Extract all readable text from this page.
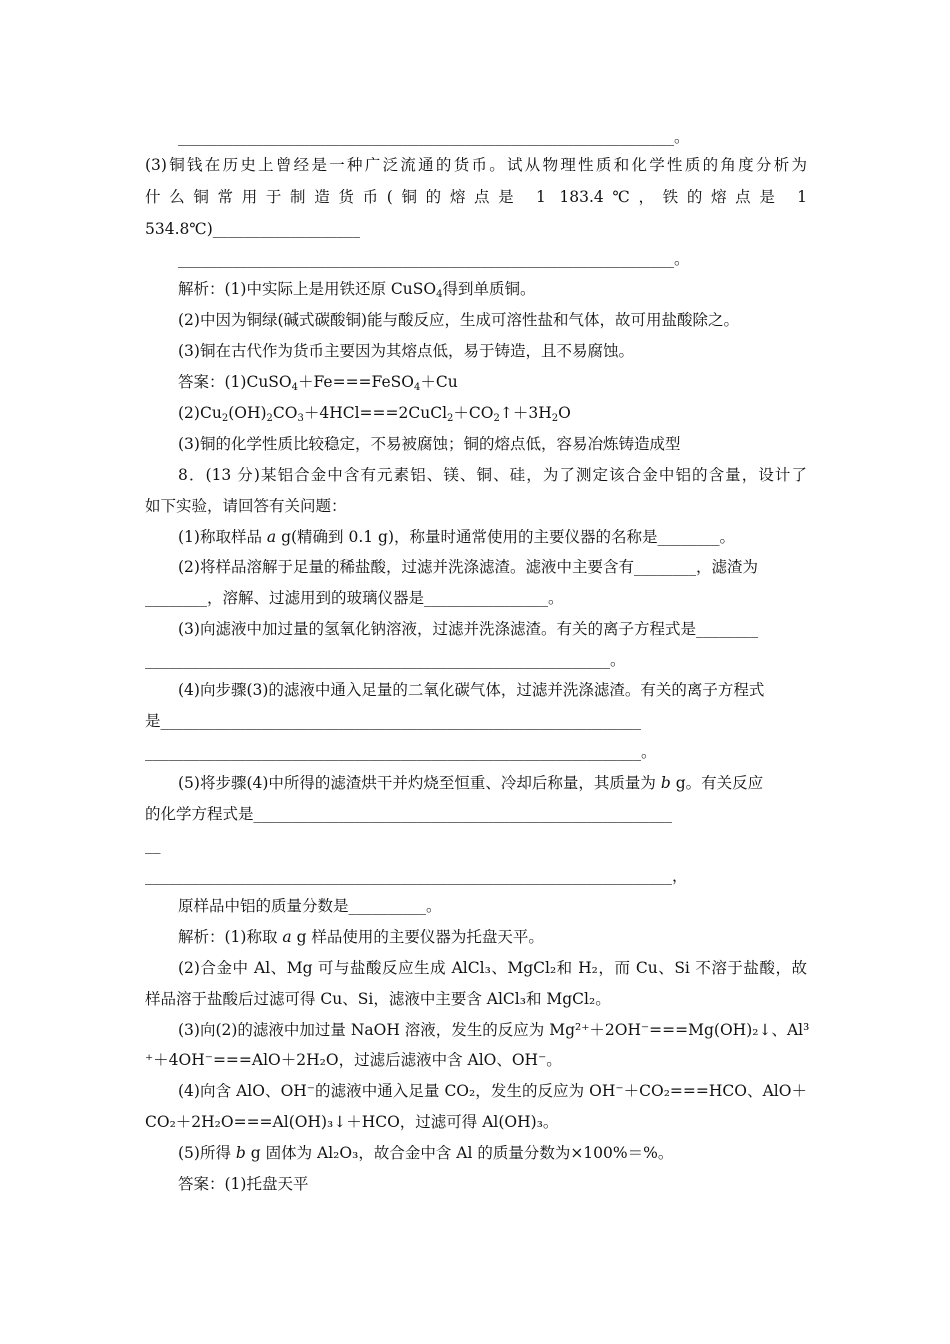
________________________________________________________________。
(3)铜钱在历史上曾经是一种广泛流通的货币。试从物理性质和化学性质的角度分析为
什么铜常用于制造货币(铜的熔点是 1 183.4℃，铁的熔点是 1
534.8℃)___________________
________________________________________________________________。
解析：(1)中实际上是用铁还原 CuSO$_4$得到单质铜。
(2)中因为铜绿(碱式碳酸铜)能与酸反应，生成可溶性盐和气体，故可用盐酸除之。
(3)铜在古代作为货币主要因为其熔点低，易于铸造，且不易腐蚀。
答案：(1)CuSO$_4$＋Fe===FeSO$_4$＋Cu
$(2)Cu_2(OH)_2CO_3+4HCl===2CuCl_2+CO_2↑+3H_2O$
(3)铜的化学性质比较稳定，不易被腐蚀；铜的熔点低，容易冶炼铸造成型
8．(13 分)某铝合金中含有元素铝、镁、铜、硅，为了测定该合金中铝的含量，设计了
如下实验，请回答有关问题：
(1)称取样品 a g(精确到 0.1 g)，称量时通常使用的主要仪器的名称是________。
(2)将样品溶解于足量的稀盐酸，过滤并洗涤滤渣。滤液中主要含有________，滤渣为
________，溶解、过滤用到的玻璃仪器是________________。
(3)向滤液中加过量的氢氧化钠溶液，过滤并洗涤滤渣。有关的离子方程式是________
____________________________________________________________。
(4)向步骤(3)的滤液中通入足量的二氧化碳气体，过滤并洗涤滤渣。有关的离子方程式
是______________________________________________________________
________________________________________________________________。
(5)将步骤(4)中所得的滤渣烘干并灼烧至恒重、冷却后称量，其质量为 b g。有关反应
的化学方程式是______________________________________________________
__
____________________________________________________________________，
原样品中铝的质量分数是__________。
解析：(1)称取 a g 样品使用的主要仪器为托盘天平。
(2)合金中 Al、Mg 可与盐酸反应生成 AlCl₃、MgCl₂和 H₂，而 Cu、Si 不溶于盐酸，故
样品溶于盐酸后过滤可得 Cu、Si，滤液中主要含 AlCl₃和 MgCl₂。
(3)向(2)的滤液中加过量 NaOH 溶液，发生的反应为 Mg²⁺＋2OH⁻===Mg(OH)₂↓、Al³
⁺＋4OH⁻===AlO＋2H₂O，过滤后滤液中含 AlO、OH⁻。
(4)向含 AlO、OH⁻的滤液中通入足量 CO₂，发生的反应为 OH⁻＋CO₂===HCO、AlO＋
CO₂＋2H₂O===Al(OH)₃↓＋HCO，过滤可得 Al(OH)₃。
(5)所得 b g 固体为 Al₂O₃，故合金中含 Al 的质量分数为×100%＝%。
答案：(1)托盘天平
